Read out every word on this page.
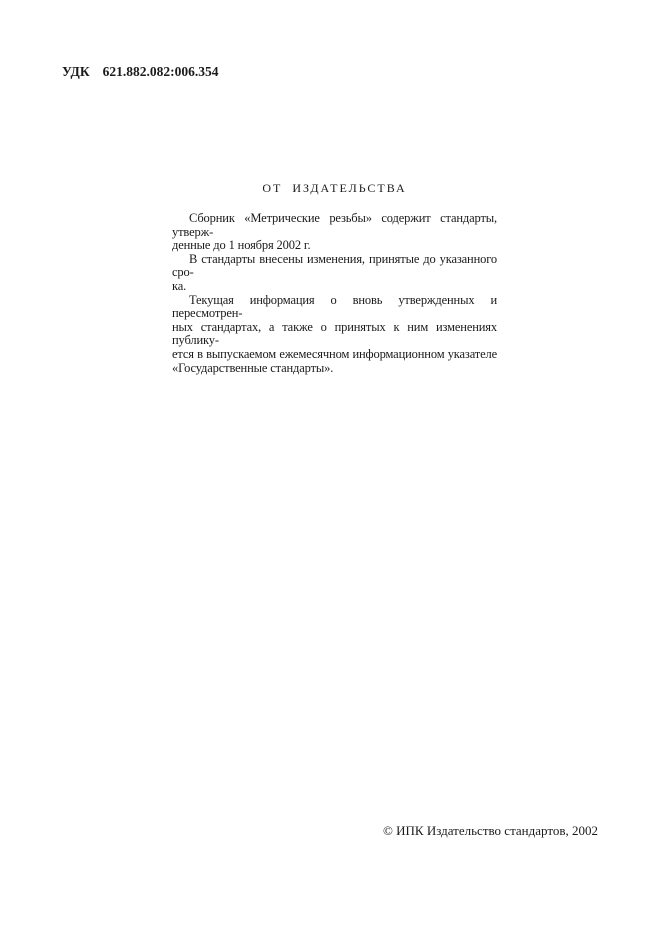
УДК 621.882.082:006.354
ОТ ИЗДАТЕЛЬСТВА

Сборник «Метрические резьбы» содержит стандарты, утверж-
денные до 1 ноября 2002 г.

В стандарты внесены изменения, принятые до указанного сро-
ка.

Текущая информация о вновь утвержденных и пересмотрен-
ных стандартах, а также о принятых к ним изменениях публику-
ется в выпускаемом ежемесячном информационном указателе
«Государственные стандарты».

© ИПК Издательство стандартов, 2002
